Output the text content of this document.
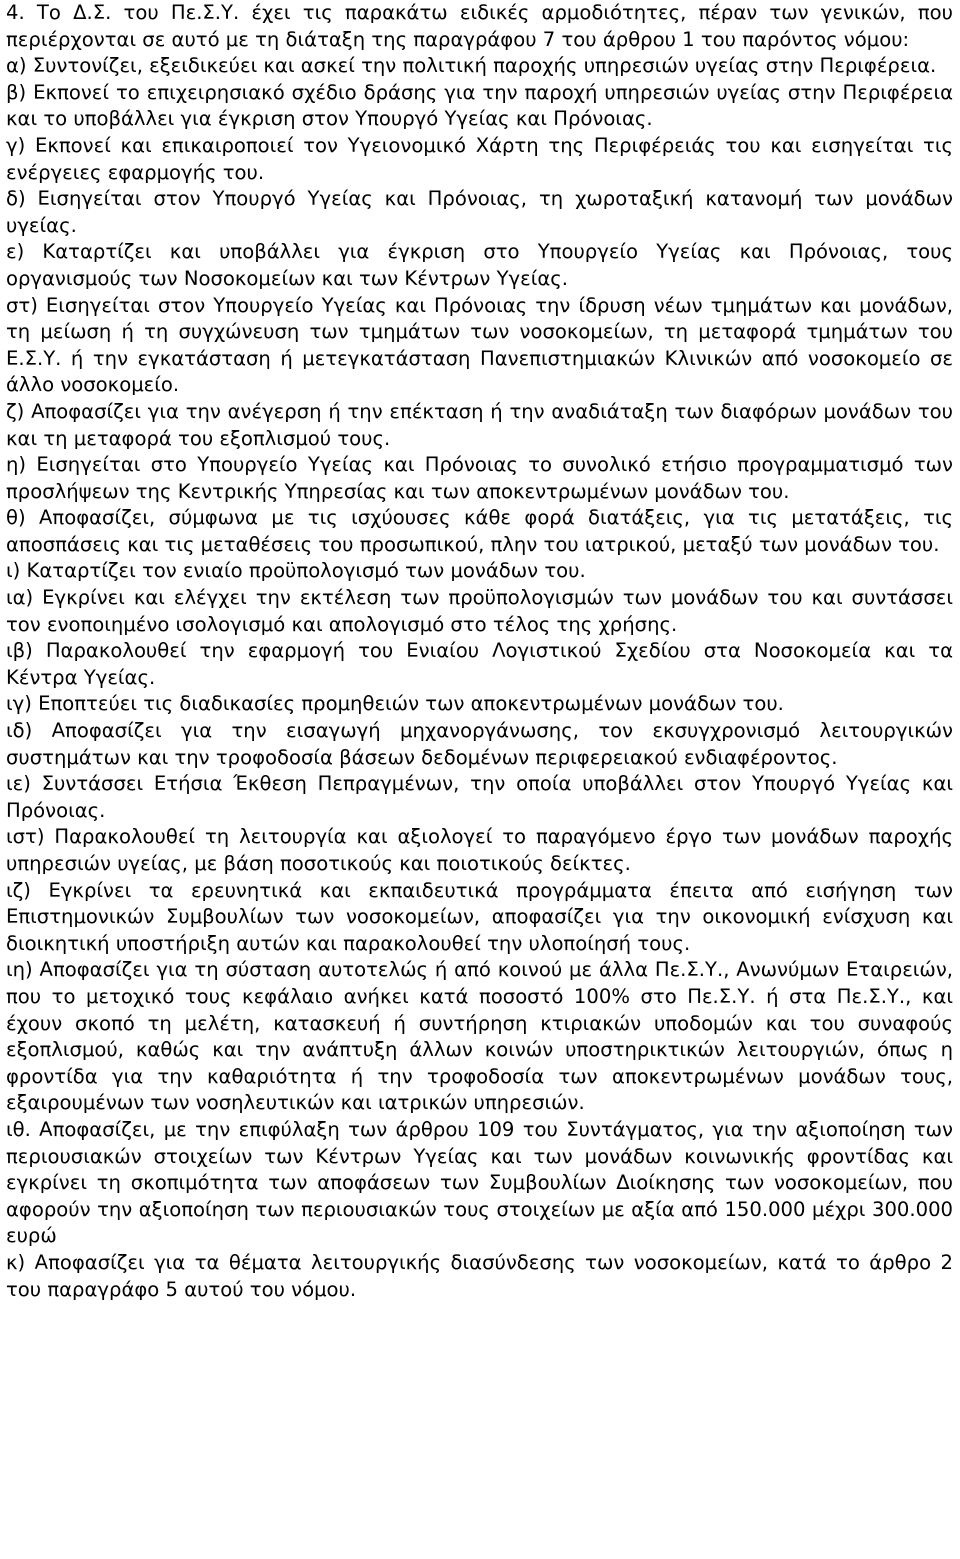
4. Το Δ.Σ. του Πε.Σ.Υ. έχει τις παρακάτω ειδικές αρμοδιότητες, πέραν των γενικών, που περιέρχονται σε αυτό με τη διάταξη της παραγράφου 7 του άρθρου 1 του παρόντος νόμου:

α) Συντονίζει, εξειδικεύει και ασκεί την πολιτική παροχής υπηρεσιών υγείας στην Περιφέρεια.

β) Εκπονεί το επιχειρησιακό σχέδιο δράσης για την παροχή υπηρεσιών υγείας στην Περιφέρεια και το υποβάλλει για έγκριση στον Υπουργό Υγείας και Πρόνοιας.

γ) Εκπονεί και επικαιροποιεί τον Υγειονομικό Χάρτη της Περιφέρειάς του και εισηγείται τις ενέργειες εφαρμογής του.

δ) Εισηγείται στον Υπουργό Υγείας και Πρόνοιας, τη χωροταξική κατανομή των μονάδων υγείας.

ε) Καταρτίζει και υποβάλλει για έγκριση στο Υπουργείο Υγείας και Πρόνοιας, τους οργανισμούς των Νοσοκομείων και των Κέντρων Υγείας.

στ) Εισηγείται στον Υπουργείο Υγείας και Πρόνοιας την ίδρυση νέων τμημάτων και μονάδων, τη μείωση ή τη συγχώνευση των τμημάτων των νοσοκομείων, τη μεταφορά τμημάτων του Ε.Σ.Υ. ή την εγκατάσταση ή μετεγκατάσταση Πανεπιστημιακών Κλινικών από νοσοκομείο σε άλλο νοσοκομείο.

ζ) Αποφασίζει για την ανέγερση ή την επέκταση ή την αναδιάταξη των διαφόρων μονάδων του και τη μεταφορά του εξοπλισμού τους.

η) Εισηγείται στο Υπουργείο Υγείας και Πρόνοιας το συνολικό ετήσιο προγραμματισμό των προσλήψεων της Κεντρικής Υπηρεσίας και των αποκεντρωμένων μονάδων του.

θ) Αποφασίζει, σύμφωνα με τις ισχύουσες κάθε φορά διατάξεις, για τις μετατάξεις, τις αποσπάσεις και τις μεταθέσεις του προσωπικού, πλην του ιατρικού, μεταξύ των μονάδων του.

ι) Καταρτίζει τον ενιαίο προϋπολογισμό των μονάδων του.

ια) Εγκρίνει και ελέγχει την εκτέλεση των προϋπολογισμών των μονάδων του και συντάσσει τον ενοποιημένο ισολογισμό και απολογισμό στο τέλος της χρήσης.

ιβ) Παρακολουθεί την εφαρμογή του Ενιαίου Λογιστικού Σχεδίου στα Νοσοκομεία και τα Κέντρα Υγείας.

ιγ) Εποπτεύει τις διαδικασίες προμηθειών των αποκεντρωμένων μονάδων του.

ιδ) Αποφασίζει για την εισαγωγή μηχανοργάνωσης, τον εκσυγχρονισμό λειτουργικών συστημάτων και την τροφοδοσία βάσεων δεδομένων περιφερειακού ενδιαφέροντος.

ιε) Συντάσσει Ετήσια Έκθεση Πεπραγμένων, την οποία υποβάλλει στον Υπουργό Υγείας και Πρόνοιας.

ιστ) Παρακολουθεί τη λειτουργία και αξιολογεί το παραγόμενο έργο των μονάδων παροχής υπηρεσιών υγείας, με βάση ποσοτικούς και ποιοτικούς δείκτες.

ιζ) Εγκρίνει τα ερευνητικά και εκπαιδευτικά προγράμματα έπειτα από εισήγηση των Επιστημονικών Συμβουλίων των νοσοκομείων, αποφασίζει για την οικονομική ενίσχυση και διοικητική υποστήριξη αυτών και παρακολουθεί την υλοποίησή τους.

ιη) Αποφασίζει για τη σύσταση αυτοτελώς ή από κοινού με άλλα Πε.Σ.Υ., Ανωνύμων Εταιρειών, που το μετοχικό τους κεφάλαιο ανήκει κατά ποσοστό 100% στο Πε.Σ.Υ. ή στα Πε.Σ.Υ., και έχουν σκοπό τη μελέτη, κατασκευή ή συντήρηση κτιριακών υποδομών και του συναφούς εξοπλισμού, καθώς και την ανάπτυξη άλλων κοινών υποστηρικτικών λειτουργιών, όπως η φροντίδα για την καθαριότητα ή την τροφοδοσία των αποκεντρωμένων μονάδων τους, εξαιρουμένων των νοσηλευτικών και ιατρικών υπηρεσιών.

ιθ. Αποφασίζει, με την επιφύλαξη των άρθρου 109 του Συντάγματος, για την αξιοποίηση των περιουσιακών στοιχείων των Κέντρων Υγείας και των μονάδων κοινωνικής φροντίδας και εγκρίνει τη σκοπιμότητα των αποφάσεων των Συμβουλίων Διοίκησης των νοσοκομείων, που αφορούν την αξιοποίηση των περιουσιακών τους στοιχείων με αξία από 150.000 μέχρι 300.000 ευρώ

κ) Αποφασίζει για τα θέματα λειτουργικής διασύνδεσης των νοσοκομείων, κατά το άρθρο 2 του παραγράφο 5 αυτού του νόμου.
